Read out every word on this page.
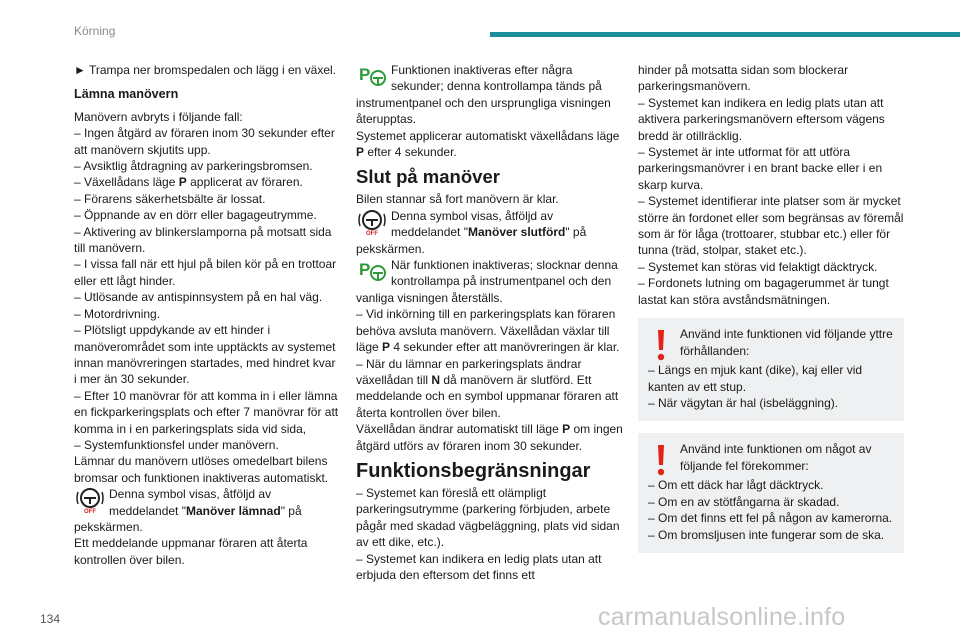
Körning

► Trampa ner bromspedalen och lägg i en växel.

Lämna manövern

Manövern avbryts i följande fall:

– Ingen åtgärd av föraren inom 30 sekunder efter att manövern skjutits upp.

– Avsiktlig åtdragning av parkeringsbromsen.

– Växellådans läge P applicerat av föraren.

– Förarens säkerhetsbälte är lossat.

– Öppnande av en dörr eller bagageutrymme.

– Aktivering av blinkerslamporna på motsatt sida till manövern.

– I vissa fall när ett hjul på bilen kör på en trottoar eller ett lågt hinder.

– Utlösande av antispinnsystem på en hal väg.

– Motordrivning.

– Plötsligt uppdykande av ett hinder i manöverområdet som inte upptäckts av systemet innan manövreringen startades, med hindret kvar i mer än 30 sekunder.

– Efter 10 manövrar för att komma in i eller lämna en fickparkeringsplats och efter 7 manövrar för att komma in i en parkeringsplats sida vid sida,

– Systemfunktionsfel under manövern.

Lämnar du manövern utlöses omedelbart bilens bromsar och funktionen inaktiveras automatiskt.

OFF
Denna symbol visas, åtföljd av meddelandet "Manöver lämnad" på pekskärmen.

Ett meddelande uppmanar föraren att återta kontrollen över bilen.

P Funktionen inaktiveras efter några sekunder; denna kontrollampa tänds på instrumentpanel och den ursprungliga visningen återupptas.

Systemet applicerar automatiskt växellådans läge P efter 4 sekunder.

Slut på manöver

Bilen stannar så fort manövern är klar.

OFF
Denna symbol visas, åtföljd av meddelandet "Manöver slutförd" på pekskärmen.
P När funktionen inaktiveras; slocknar denna kontrollampa på instrumentpanel och den vanliga visningen återställs.

– Vid inkörning till en parkeringsplats kan föraren behöva avsluta manövern. Växellådan växlar till läge P 4 sekunder efter att manövreringen är klar.

– När du lämnar en parkeringsplats ändrar växellådan till N då manövern är slutförd. Ett meddelande och en symbol uppmanar föraren att återta kontrollen över bilen.

Växellådan ändrar automatiskt till läge P om ingen åtgärd utförs av föraren inom 30 sekunder.

Funktionsbegränsningar

– Systemet kan föreslå ett olämpligt parkeringsutrymme (parkering förbjuden, arbete pågår med skadad vägbeläggning, plats vid sidan av ett dike, etc.).

– Systemet kan indikera en ledig plats utan att erbjuda den eftersom det finns ett

hinder på motsatta sidan som blockerar parkeringsmanövern.

– Systemet kan indikera en ledig plats utan att aktivera parkeringsmanövern eftersom vägens bredd är otillräcklig.

– Systemet är inte utformat för att utföra parkeringsmanövrer i en brant backe eller i en skarp kurva.

– Systemet identifierar inte platser som är mycket större än fordonet eller som begränsas av föremål som är för låga (trottoarer, stubbar etc.) eller för tunna (träd, stolpar, staket etc.).

– Systemet kan störas vid felaktigt däcktryck.

– Fordonets lutning om bagagerummet är tungt lastat kan störa avståndsmätningen.

Använd inte funktionen vid följande yttre förhållanden:

– Längs en mjuk kant (dike), kaj eller vid kanten av ett stup.

– När vägytan är hal (isbeläggning).

Använd inte funktionen om något av följande fel förekommer:

– Om ett däck har lågt däcktryck.

– Om en av stötfångarna är skadad.

– Om det finns ett fel på någon av kamerorna.

– Om bromsljusen inte fungerar som de ska.

134	carmanualsonline.info
